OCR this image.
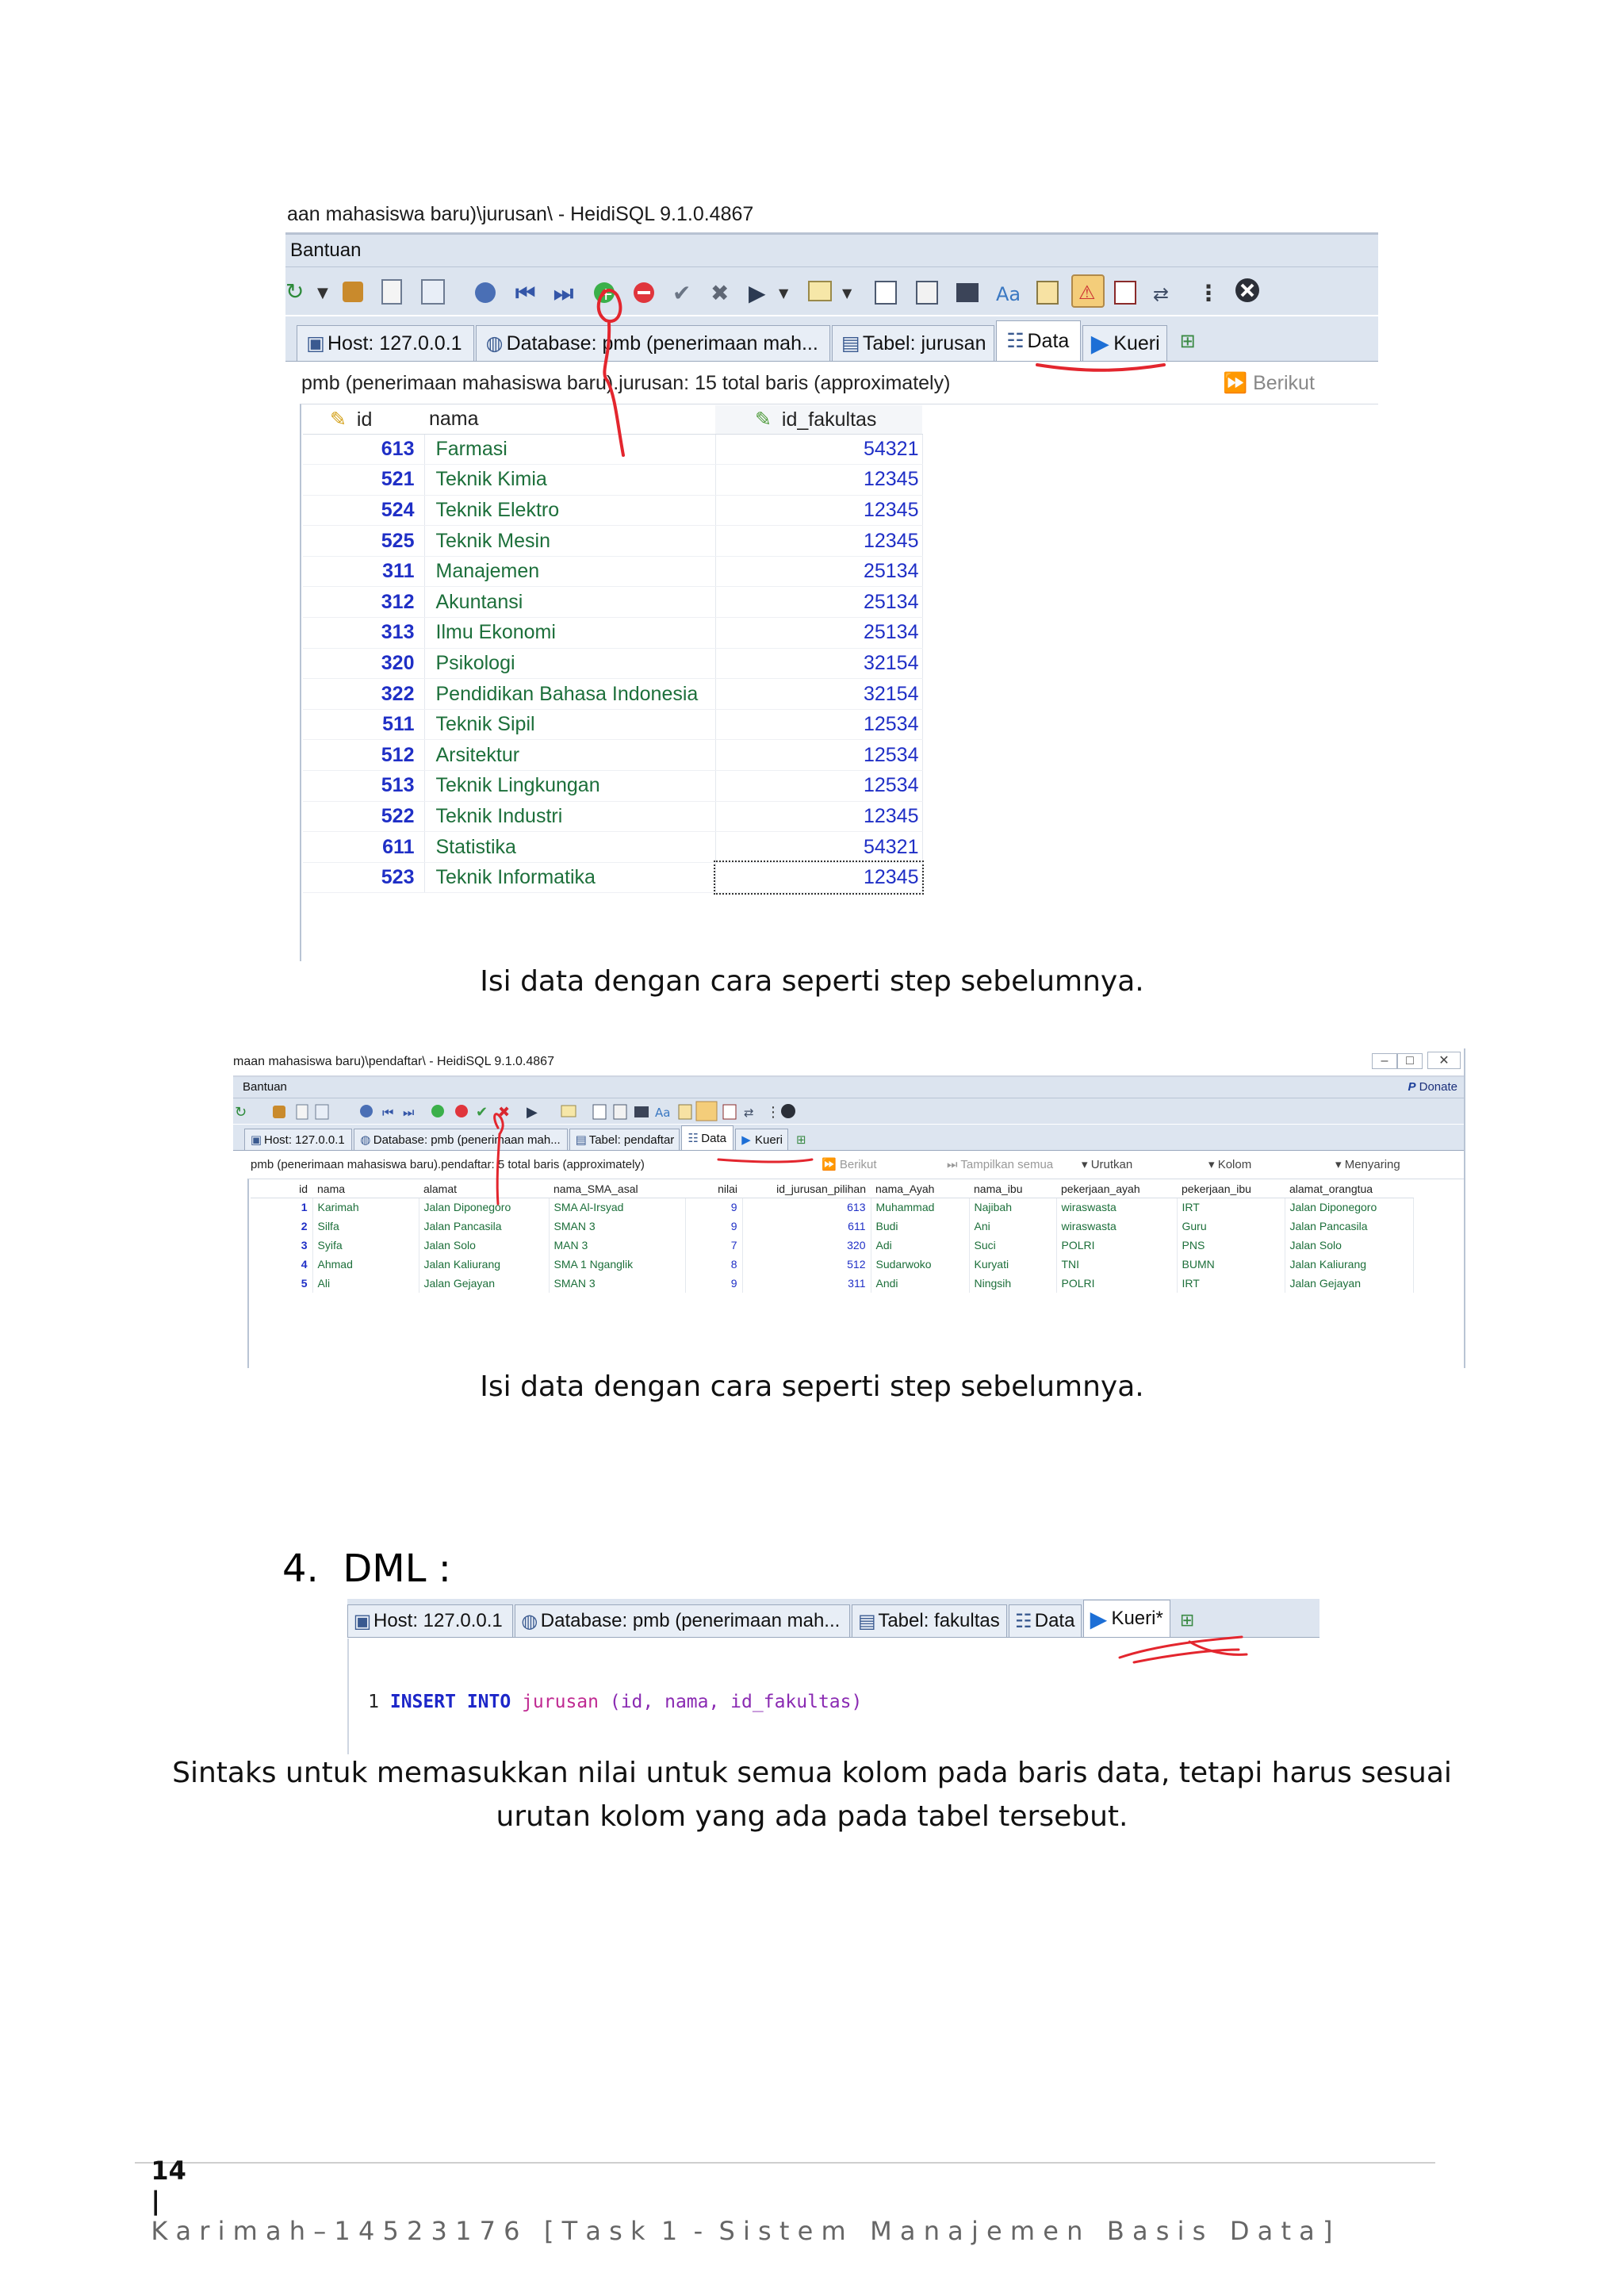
aan mahasiswa baru)\jurusan\ - HeidiSQL 9.1.0.4867
Bantuan
↻ ▼	⏮ ⏭ +	✔ ✖ ▶ ▼	▼	Aa	⚠	⇄ ⋮
▣ Host: 127.0.0.1 ◍ Database: pmb (penerimaan mah... ▤ Tabel: jurusan ☷ Data ▶ Kueri ⊞
pmb (penerimaan mahasiswa baru).jurusan: 15 total baris (approximately)	⏩ Berikut
✎ id	nama	✎ id_fakultas
613	Farmasi	54321
521	Teknik Kimia	12345
524	Teknik Elektro	12345
525	Teknik Mesin	12345
311	Manajemen	25134
312	Akuntansi	25134
313	Ilmu Ekonomi	25134
320	Psikologi	32154
322	Pendidikan Bahasa Indonesia	32154
511	Teknik Sipil	12534
512	Arsitektur	12534
513	Teknik Lingkungan	12534
522	Teknik Industri	12345
611	Statistika	54321
523	Teknik Informatika	12345
Isi data dengan cara seperti step sebelumnya.
maan mahasiswa baru)\pendaftar\ - HeidiSQL 9.1.0.4867	– □ ✕
Bantuan	P Donate
↻	⏮ ⏭	✔ ✖ ▶	Aa	⇄ ⋮
▣ Host: 127.0.0.1 ◍ Database: pmb (penerimaan mah... ▤ Tabel: pendaftar ☷ Data	▶ Kueri ⊞
pmb (penerimaan mahasiswa baru).pendaftar: 5 total baris (approximately)	⏩ Berikut	⏭ Tampilkan semua ▾ Urutkan	▾ Kolom	▾ Menyaring
id	nama	alamat	nama_SMA_asal	nilai	id_jurusan_pilihan	nama_Ayah	nama_ibu	pekerjaan_ayah	pekerjaan_ibu	alamat_orangtua
1	Karimah	Jalan Diponegoro	SMA Al-Irsyad	9	613	Muhammad	Najibah	wiraswasta	IRT	Jalan Diponegoro
2	Silfa	Jalan Pancasila	SMAN 3	9	611	Budi	Ani	wiraswasta	Guru	Jalan Pancasila
3	Syifa	Jalan Solo	MAN 3	7	320	Adi	Suci	POLRI	PNS	Jalan Solo
4	Ahmad	Jalan Kaliurang	SMA 1 Nganglik	8	512	Sudarwoko	Kuryati	TNI	BUMN	Jalan Kaliurang
5	Ali	Jalan Gejayan	SMAN 3	9	311	Andi	Ningsih	POLRI	IRT	Jalan Gejayan
Isi data dengan cara seperti step sebelumnya.
4.  DML :
▣ Host: 127.0.0.1 ◍ Database: pmb (penerimaan mah... ▤ Tabel: fakultas ☷ Data ▶ Kueri* ⊞

1 INSERT INTO jurusan (id, nama, id_fakultas)

Sintaks untuk memasukkan nilai untuk semua kolom pada baris data, tetapi harus sesuai
urutan kolom yang ada pada tabel tersebut.

14
|
K a r i m a h – 1 4 5 2 3 1 7 6   [ T a s k  1  -  S i s t e m   M a n a j e m e n   B a s i s   D a t a ]
